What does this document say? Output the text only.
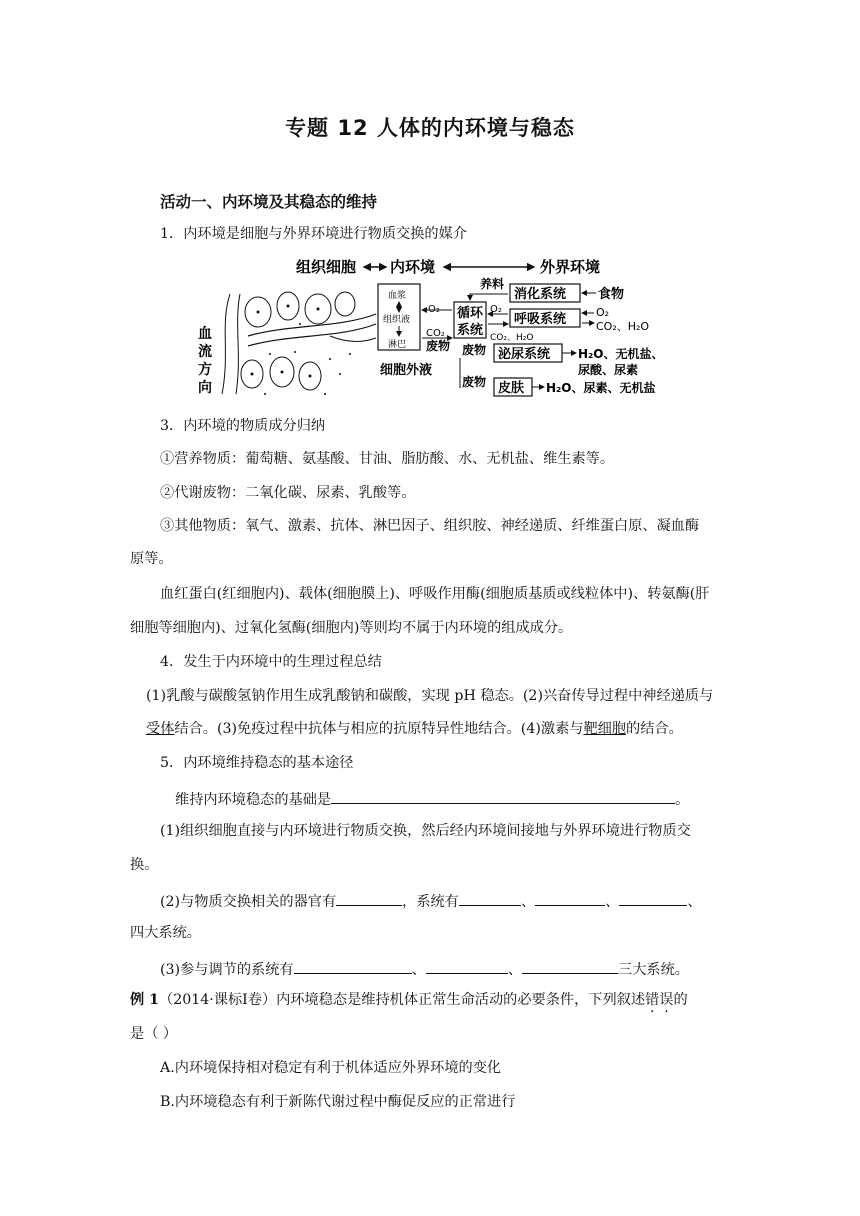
专题 12 人体的内环境与稳态
活动一、内环境及其稳态的维持
1．内环境是细胞与外界环境进行物质交换的媒介
组织细胞 内环境	外界环境
血
流
方
向
血浆
组织液
淋巴
细胞外液
O₂
CO₂
废物
循环
系统
养料
消化系统 食物
O₂
呼吸系统	O₂
CO₂、H₂O
CO₂、H₂O
废物 泌尿系统 H₂O、无机盐、
尿酸、尿素
废物 皮肤 H₂O、尿素、无机盐
3．内环境的物质成分归纳
①营养物质：葡萄糖、氨基酸、甘油、脂肪酸、水、无机盐、维生素等。
②代谢废物：二氧化碳、尿素、乳酸等。
③其他物质：氧气、激素、抗体、淋巴因子、组织胺、神经递质、纤维蛋白原、凝血酶
原等。
血红蛋白(红细胞内)、载体(细胞膜上)、呼吸作用酶(细胞质基质或线粒体中)、转氨酶(肝
细胞等细胞内)、过氧化氢酶(细胞内)等则均不属于内环境的组成成分。
4．发生于内环境中的生理过程总结
(1)乳酸与碳酸氢钠作用生成乳酸钠和碳酸，实现 pH 稳态。(2)兴奋传导过程中神经递质与
受体结合。(3)免疫过程中抗体与相应的抗原特异性地结合。(4)激素与靶细胞的结合。
5．内环境维持稳态的基本途径
维持内环境稳态的基础是	。
(1)组织细胞直接与内环境进行物质交换，然后经内环境间接地与外界环境进行物质交
换。
(2)与物质交换相关的器官有	，系统有	、	、	、
四大系统。
(3)参与调节的系统有	、	、	三大系统。
例 1（2014·课标Ⅰ卷）内环境稳态是维持机体正常生命活动的必要条件，下列叙述错误的
是（ ）
A.内环境保持相对稳定有利于机体适应外界环境的变化
B.内环境稳态有利于新陈代谢过程中酶促反应的正常进行
